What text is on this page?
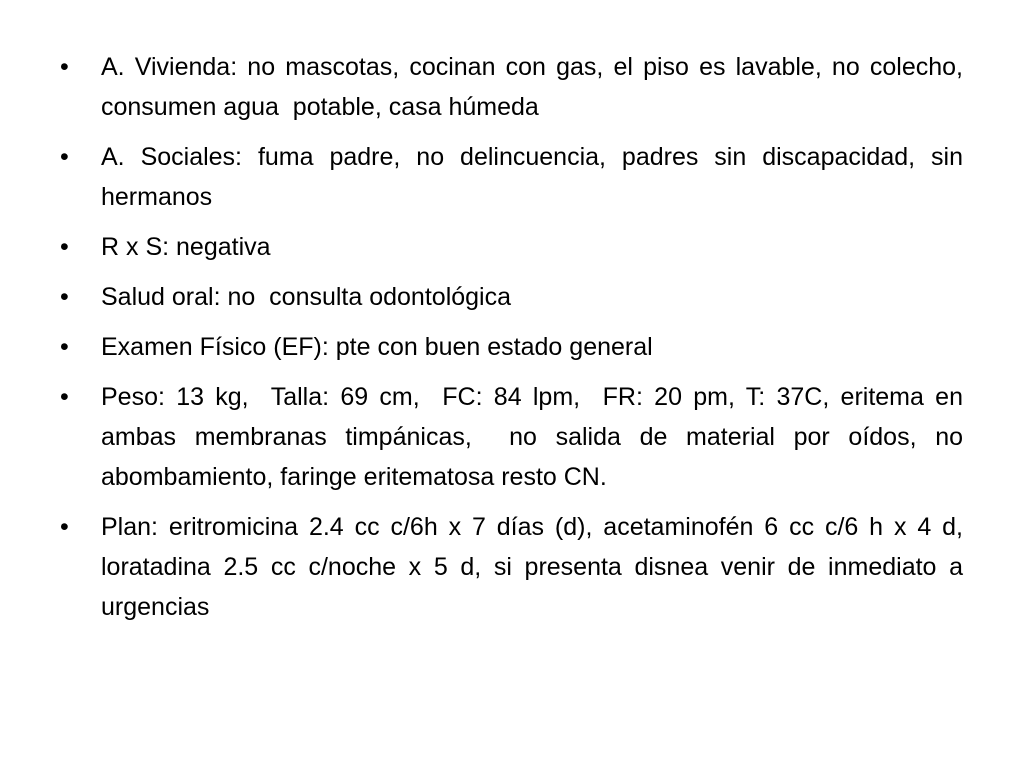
•	A. Vivienda: no mascotas, cocinan con gas, el piso es lavable, no colecho, consumen agua  potable, casa húmeda
•	A. Sociales: fuma padre, no delincuencia, padres sin discapacidad, sin hermanos
•	R x S: negativa
•	Salud oral: no  consulta odontológica
•	Examen Físico (EF): pte con buen estado general
•	Peso: 13 kg,  Talla: 69 cm,  FC: 84 lpm,  FR: 20 pm, T: 37C, eritema en ambas membranas timpánicas,  no salida de material por oídos, no abombamiento, faringe eritematosa resto CN.
•	Plan: eritromicina 2.4 cc c/6h x 7 días (d), acetaminofén 6 cc c/6 h x 4 d, loratadina 2.5 cc c/noche x 5 d, si presenta disnea venir de inmediato a urgencias
